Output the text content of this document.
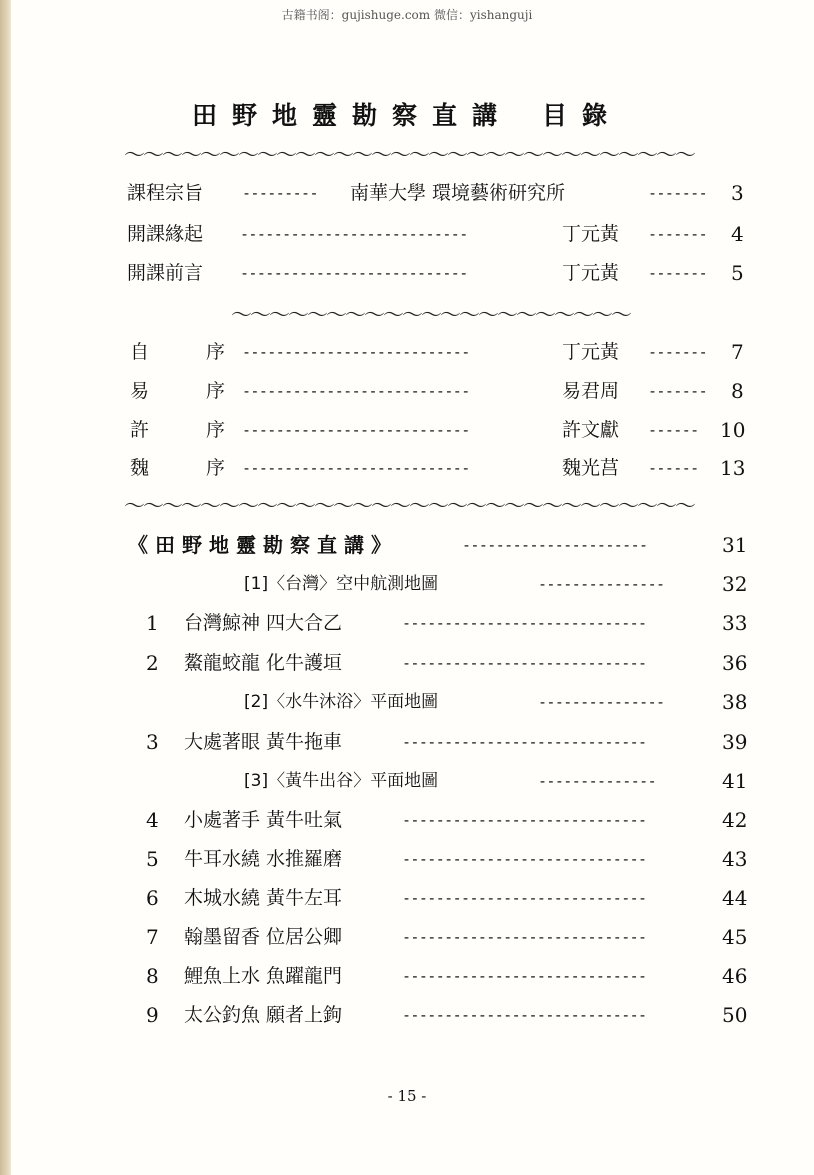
古籍书阁：gujishuge.com 微信：yishanguji
田野地靈勘察直講 目錄
～～～～～～～～～～～～～～～～～～～～～～～～～～～～～～
課程宗旨	--------- 南華大學 環境藝術研究所	------- 3
開課緣起 ---------------------------	丁元黃 ------- 4
開課前言 ---------------------------	丁元黃 ------- 5
～～～～～～～～～～～～～～～～～～～～～
自	序 ---------------------------	丁元黃 ------- 7
易	序 ---------------------------	易君周 ------- 8
許	序 ---------------------------	許文獻 ------ 10
魏	序 ---------------------------	魏光莒 ------ 13
～～～～～～～～～～～～～～～～～～～～～～～～～～～～～～
《田野地靈勘察直講》	----------------------	31
[1]〈台灣〉空中航測地圖	---------------	32
1 台灣鯨神 四大合乙	-----------------------------	33
2 鰲龍蛟龍 化牛護垣	-----------------------------	36
[2]〈水牛沐浴〉平面地圖	---------------	38
3 大處著眼 黃牛拖車	-----------------------------	39
[3]〈黃牛出谷〉平面地圖	--------------	41
4 小處著手 黃牛吐氣	-----------------------------	42
5 牛耳水繞 水推羅磨	-----------------------------	43
6 木城水繞 黃牛左耳	-----------------------------	44
7 翰墨留香 位居公卿	-----------------------------	45
8 鯉魚上水 魚躍龍門	-----------------------------	46
9 太公釣魚 願者上鉤	-----------------------------	50
- 15 -
